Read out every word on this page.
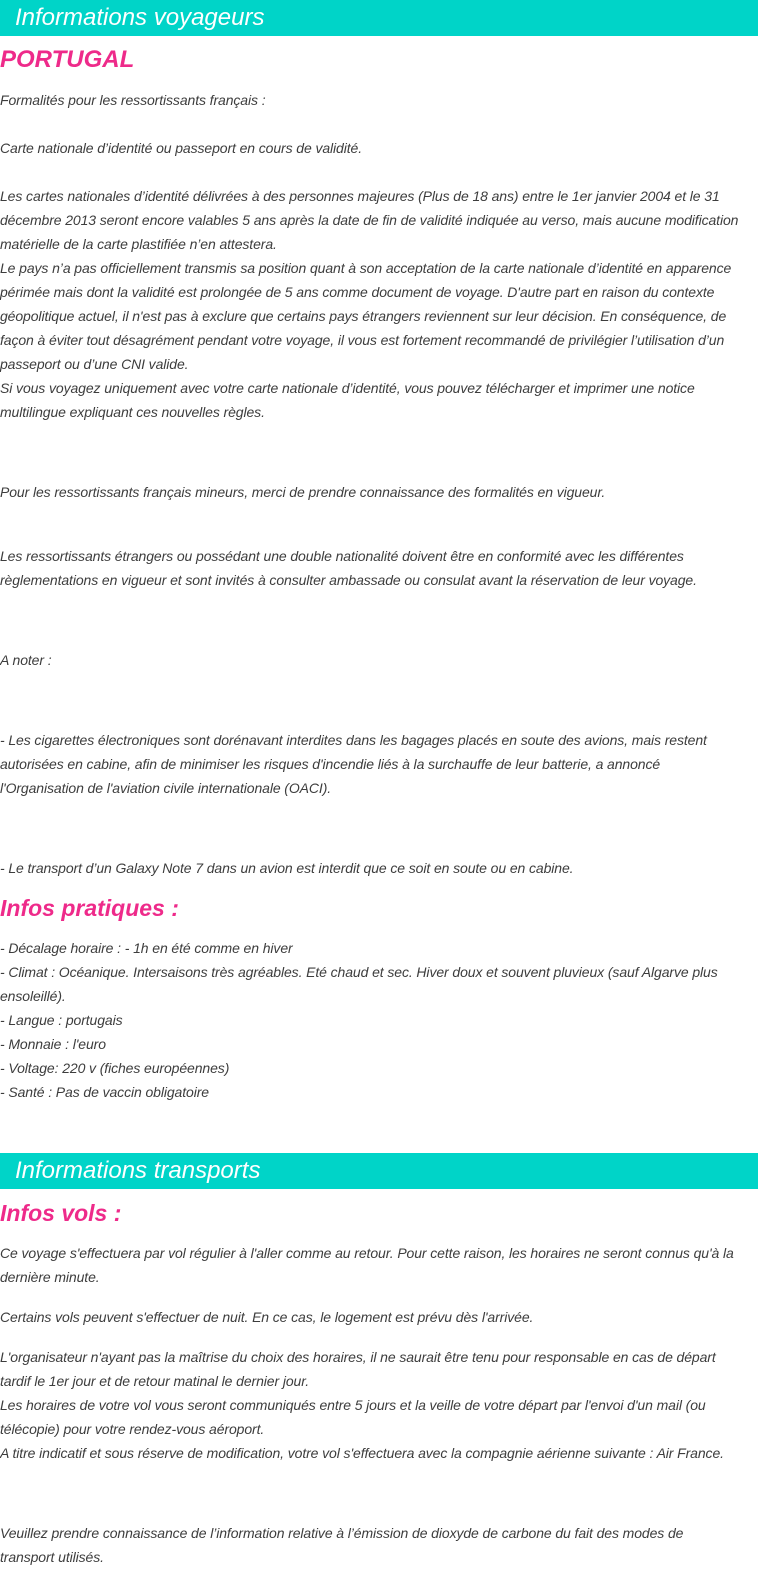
Informations voyageurs
PORTUGAL
Formalités pour les ressortissants français :
Carte nationale d’identité ou passeport en cours de validité.
Les cartes nationales d’identité délivrées à des personnes majeures (Plus de 18 ans) entre le 1er janvier 2004 et le 31
décembre 2013 seront encore valables 5 ans après la date de fin de validité indiquée au verso, mais aucune modification
matérielle de la carte plastifiée n’en attestera.
Le pays n’a pas officiellement transmis sa position quant à son acceptation de la carte nationale d’identité en apparence
périmée mais dont la validité est prolongée de 5 ans comme document de voyage. D'autre part en raison du contexte
géopolitique actuel, il n'est pas à exclure que certains pays étrangers reviennent sur leur décision. En conséquence, de
façon à éviter tout désagrément pendant votre voyage, il vous est fortement recommandé de privilégier l’utilisation d’un
passeport ou d’une CNI valide.
Si vous voyagez uniquement avec votre carte nationale d’identité, vous pouvez télécharger et imprimer une notice
multilingue expliquant ces nouvelles règles.
Pour les ressortissants français mineurs, merci de prendre connaissance des formalités en vigueur.
Les ressortissants étrangers ou possédant une double nationalité doivent être en conformité avec les différentes
règlementations en vigueur et sont invités à consulter ambassade ou consulat avant la réservation de leur voyage.
A noter :
- Les cigarettes électroniques sont dorénavant interdites dans les bagages placés en soute des avions, mais restent
autorisées en cabine, afin de minimiser les risques d'incendie liés à la surchauffe de leur batterie, a annoncé
l'Organisation de l'aviation civile internationale (OACI).
- Le transport d’un Galaxy Note 7 dans un avion est interdit que ce soit en soute ou en cabine.
Infos pratiques :
- Décalage horaire : - 1h en été comme en hiver
- Climat : Océanique. Intersaisons très agréables. Eté chaud et sec. Hiver doux et souvent pluvieux (sauf Algarve plus
ensoleillé).
- Langue : portugais
- Monnaie : l'euro
- Voltage: 220 v (fiches européennes)
- Santé : Pas de vaccin obligatoire
Informations transports
Infos vols :
Ce voyage s'effectuera par vol régulier à l'aller comme au retour. Pour cette raison, les horaires ne seront connus qu'à la
dernière minute.
Certains vols peuvent s'effectuer de nuit. En ce cas, le logement est prévu dès l'arrivée.
L'organisateur n'ayant pas la maîtrise du choix des horaires, il ne saurait être tenu pour responsable en cas de départ
tardif le 1er jour et de retour matinal le dernier jour.
Les horaires de votre vol vous seront communiqués entre 5 jours et la veille de votre départ par l'envoi d'un mail (ou
télécopie) pour votre rendez-vous aéroport.
A titre indicatif et sous réserve de modification, votre vol s'effectuera avec la compagnie aérienne suivante : Air France.
Veuillez prendre connaissance de l’information relative à l’émission de dioxyde de carbone du fait des modes de
transport utilisés.
